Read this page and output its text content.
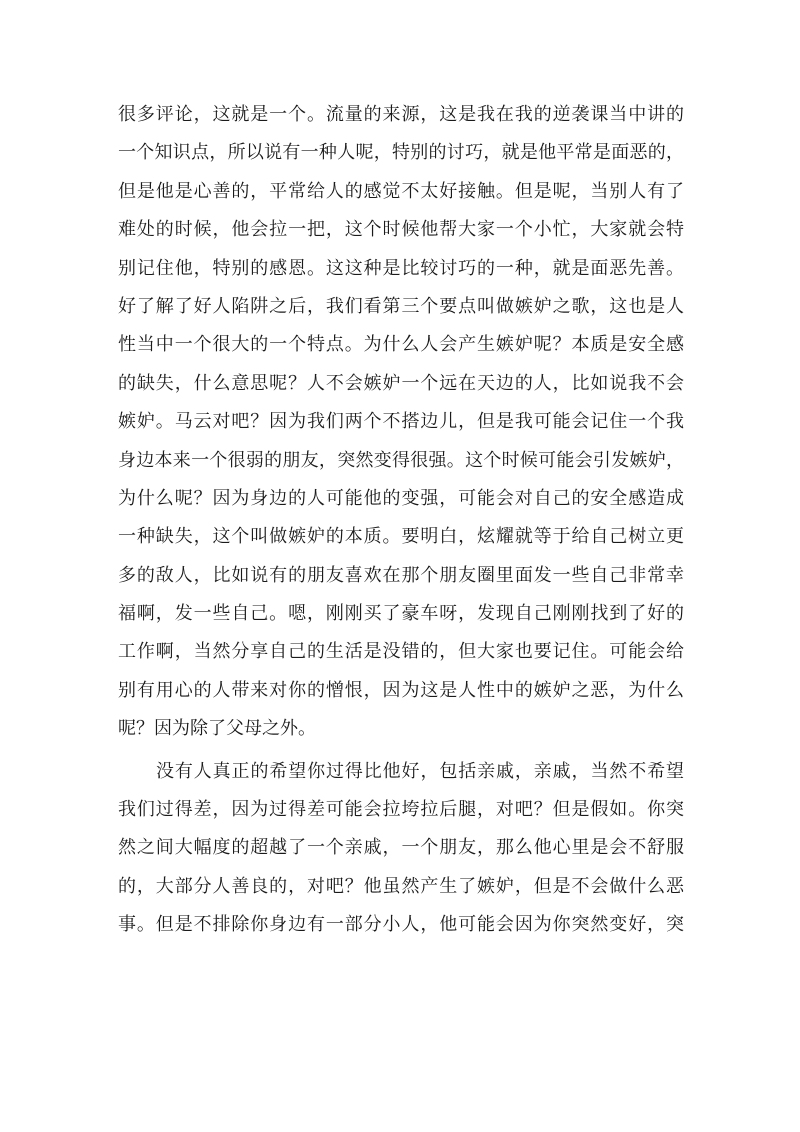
很多评论，这就是一个。流量的来源，这是我在我的逆袭课当中讲的
一个知识点，所以说有一种人呢，特别的讨巧，就是他平常是面恶的，
但是他是心善的，平常给人的感觉不太好接触。但是呢，当别人有了
难处的时候，他会拉一把，这个时候他帮大家一个小忙，大家就会特
别记住他，特别的感恩。这这种是比较讨巧的一种，就是面恶先善。
好了解了好人陷阱之后，我们看第三个要点叫做嫉妒之歌，这也是人
性当中一个很大的一个特点。为什么人会产生嫉妒呢？本质是安全感
的缺失，什么意思呢？人不会嫉妒一个远在天边的人，比如说我不会
嫉妒。马云对吧？因为我们两个不搭边儿，但是我可能会记住一个我
身边本来一个很弱的朋友，突然变得很强。这个时候可能会引发嫉妒，
为什么呢？因为身边的人可能他的变强，可能会对自己的安全感造成
一种缺失，这个叫做嫉妒的本质。要明白，炫耀就等于给自己树立更
多的敌人，比如说有的朋友喜欢在那个朋友圈里面发一些自己非常幸
福啊，发一些自己。嗯，刚刚买了豪车呀，发现自己刚刚找到了好的
工作啊，当然分享自己的生活是没错的，但大家也要记住。可能会给
别有用心的人带来对你的憎恨，因为这是人性中的嫉妒之恶，为什么
呢？因为除了父母之外。
没有人真正的希望你过得比他好，包括亲戚，亲戚，当然不希望
我们过得差，因为过得差可能会拉垮拉后腿，对吧？但是假如。你突
然之间大幅度的超越了一个亲戚，一个朋友，那么他心里是会不舒服
的，大部分人善良的，对吧？他虽然产生了嫉妒，但是不会做什么恶
事。但是不排除你身边有一部分小人，他可能会因为你突然变好，突
